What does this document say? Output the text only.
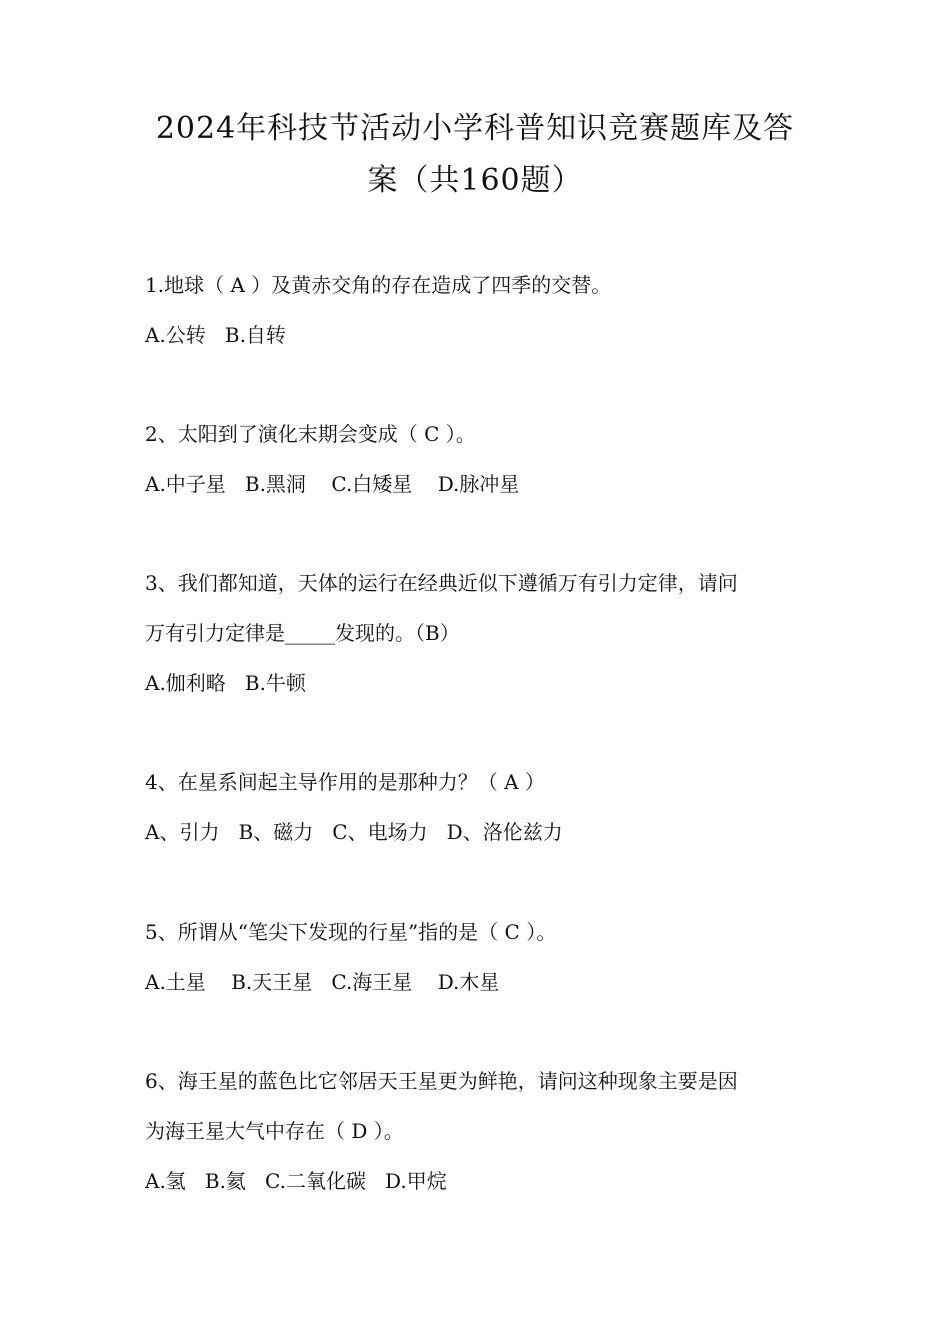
2024年科技节活动小学科普知识竞赛题库及答
案（共160题）
1.地球（ A ）及黄赤交角的存在造成了四季的交替。
A.公转   B.自转
2、太阳到了演化末期会变成（ C ）。
A.中子星   B.黑洞    C.白矮星    D.脉冲星
3、我们都知道，天体的运行在经典近似下遵循万有引力定律，请问
万有引力定律是_____发现的。（B）
A.伽利略   B.牛顿
4、在星系间起主导作用的是那种力？（ A ）
A、引力   B、磁力   C、电场力   D、洛伦兹力
5、所谓从“笔尖下发现的行星”指的是（ C ）。
A.土星    B.天王星   C.海王星    D.木星
6、海王星的蓝色比它邻居天王星更为鲜艳，请问这种现象主要是因
为海王星大气中存在（ D ）。
A.氢   B.氦   C.二氧化碳   D.甲烷
